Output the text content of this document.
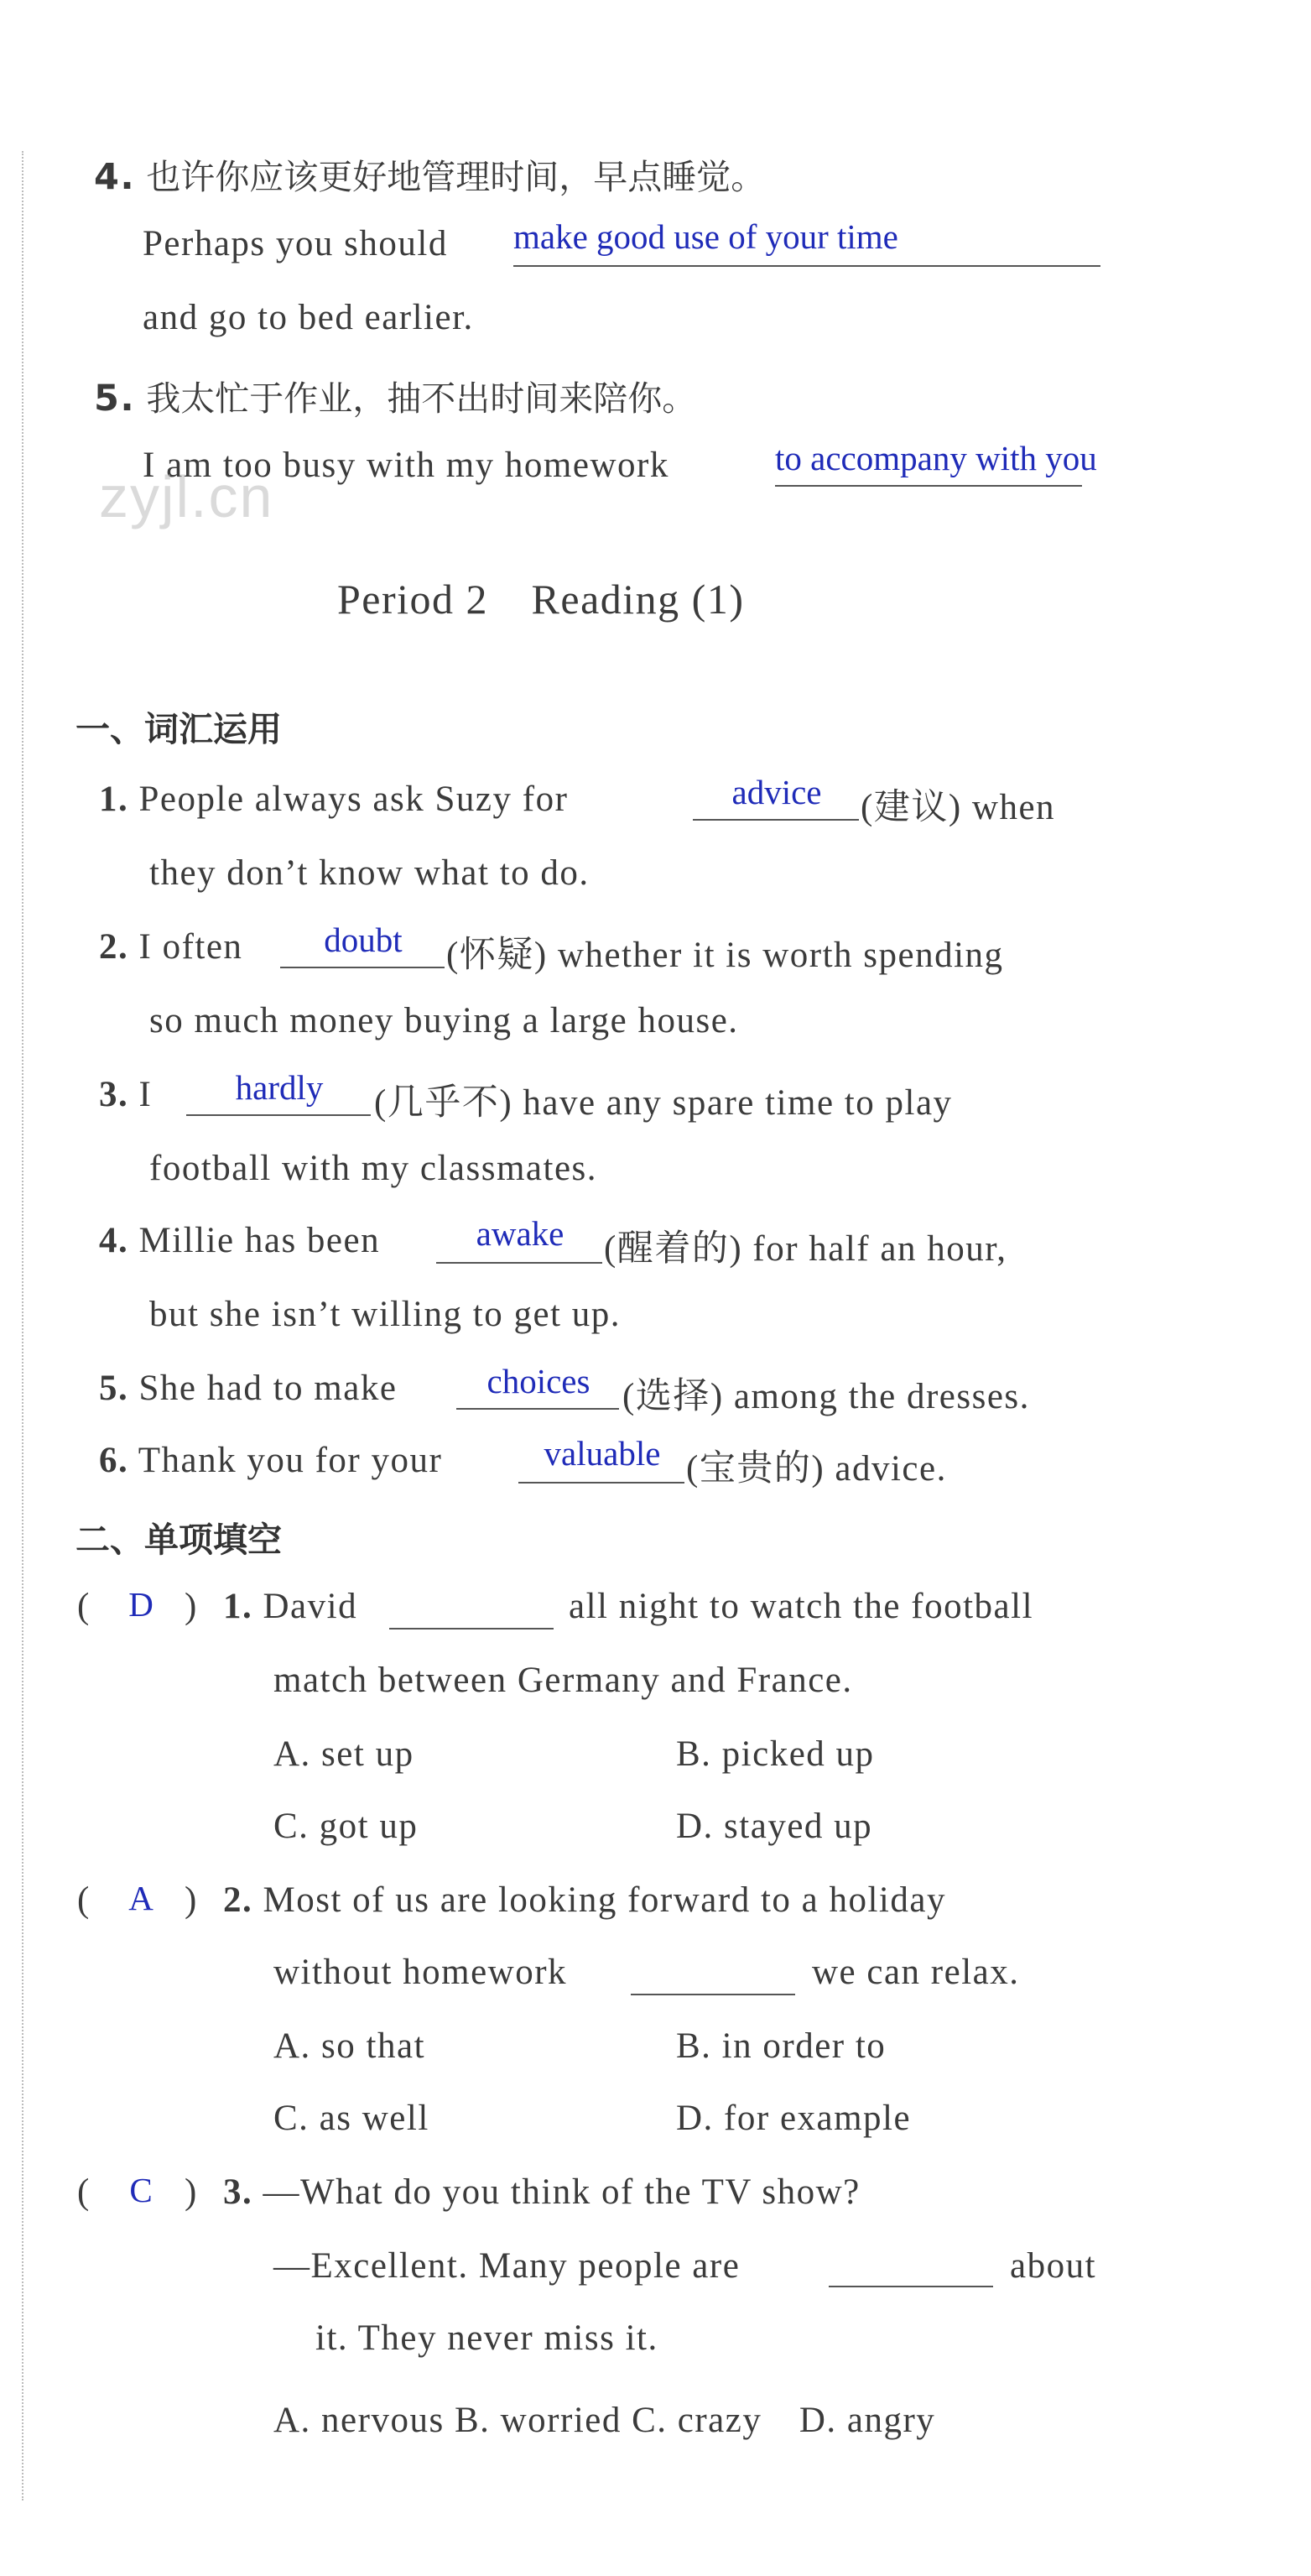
4. 也许你应该更好地管理时间，早点睡觉。
Perhaps you should make good use of your time
and go to bed earlier.
5. 我太忙于作业，抽不出时间来陪你。
I am too busy with my homework	to accompany with you
zyjl.cn
Period 2　Reading (1)
一、词汇运用
1. People always ask Suzy for	advice	(建议) when
they don’t know what to do.
2. I often	doubt	(怀疑) whether it is worth spending
so much money buying a large house.
3. I	hardly	(几乎不) have any spare time to play
football with my classmates.
4. Millie has been	awake	(醒着的) for half an hour,
but she isn’t willing to get up.
5. She had to make	choices (选择) among the dresses.
6. Thank you for your	valuable (宝贵的) advice.
二、单项填空
( D ) 1. David	all night to watch the football
match between Germany and France.
A. set up	B. picked up
C. got up	D. stayed up
( A ) 2. Most of us are looking forward to a holiday
without homework	we can relax.
A. so that	B. in order to
C. as well	D. for example
( C ) 3. —What do you think of the TV show?
—Excellent. Many people are	about
it. They never miss it.
A. nervous B. worried C. crazy　D. angry
